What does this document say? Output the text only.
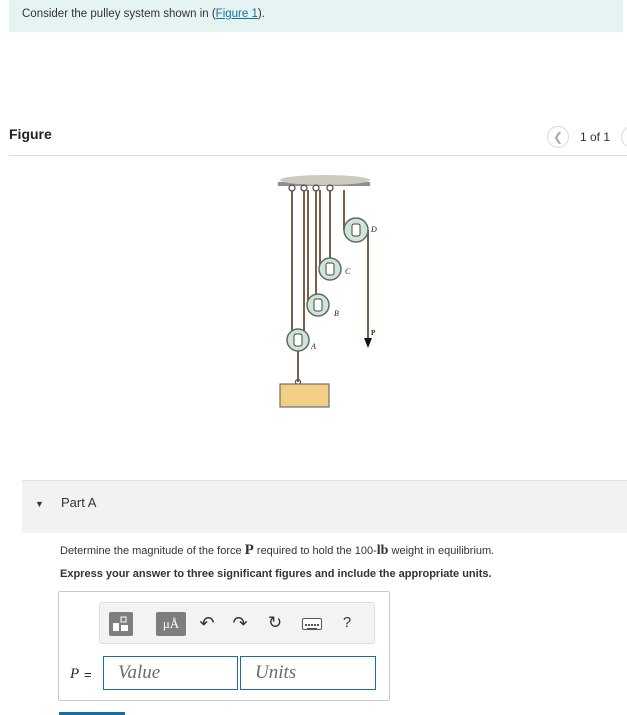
Consider the pulley system shown in (Figure 1).
Figure	❮	1 of 1
A
B
C
D
P
▼ Part A
Determine the magnitude of the force P required to hold the 100-lb weight in equilibrium.
Express your answer to three significant figures and include the appropriate units.
μÅ	↶ ↷ ↻	?
P =
Value
Units
